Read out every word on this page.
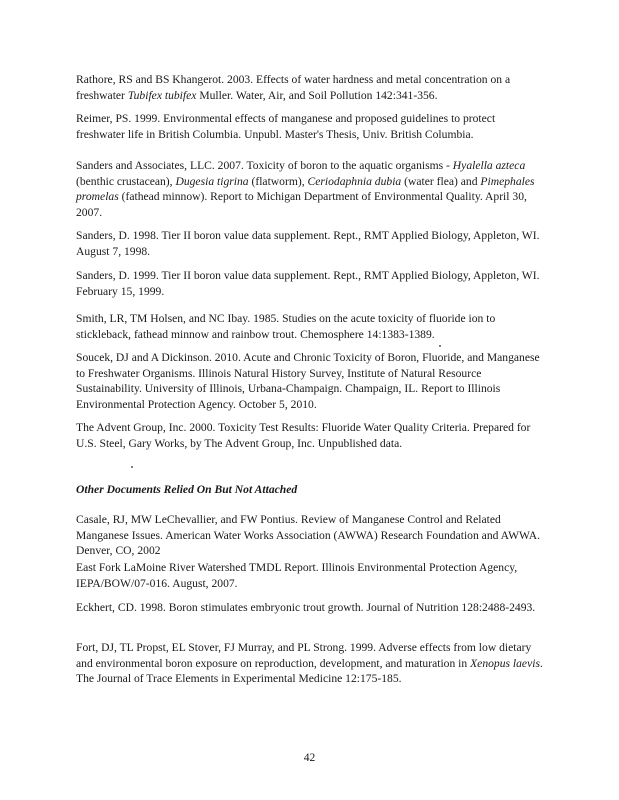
Rathore, RS and BS Khangerot. 2003. Effects of water hardness and metal concentration on a freshwater Tubifex tubifex Muller. Water, Air, and Soil Pollution 142:341-356.

Reimer, PS. 1999. Environmental effects of manganese and proposed guidelines to protect freshwater life in British Columbia. Unpubl. Master's Thesis, Univ. British Columbia.

Sanders and Associates, LLC. 2007. Toxicity of boron to the aquatic organisms - Hyalella azteca (benthic crustacean), Dugesia tigrina (flatworm), Ceriodaphnia dubia (water flea) and Pimephales promelas (fathead minnow). Report to Michigan Department of Environmental Quality. April 30, 2007.

Sanders, D. 1998. Tier II boron value data supplement. Rept., RMT Applied Biology, Appleton, WI. August 7, 1998.

Sanders, D. 1999. Tier II boron value data supplement. Rept., RMT Applied Biology, Appleton, WI. February 15, 1999.

Smith, LR, TM Holsen, and NC Ibay. 1985. Studies on the acute toxicity of fluoride ion to stickleback, fathead minnow and rainbow trout. Chemosphere 14:1383-1389.

Soucek, DJ and A Dickinson. 2010. Acute and Chronic Toxicity of Boron, Fluoride, and Manganese to Freshwater Organisms. Illinois Natural History Survey, Institute of Natural Resource Sustainability. University of Illinois, Urbana-Champaign. Champaign, IL. Report to Illinois Environmental Protection Agency. October 5, 2010.

The Advent Group, Inc. 2000. Toxicity Test Results: Fluoride Water Quality Criteria. Prepared for U.S. Steel, Gary Works, by The Advent Group, Inc. Unpublished data.

Other Documents Relied On But Not Attached

Casale, RJ, MW LeChevallier, and FW Pontius. Review of Manganese Control and Related Manganese Issues. American Water Works Association (AWWA) Research Foundation and AWWA. Denver, CO, 2002

East Fork LaMoine River Watershed TMDL Report. Illinois Environmental Protection Agency, IEPA/BOW/07-016. August, 2007.

Eckhert, CD. 1998. Boron stimulates embryonic trout growth. Journal of Nutrition 128:2488-2493.

Fort, DJ, TL Propst, EL Stover, FJ Murray, and PL Strong. 1999. Adverse effects from low dietary and environmental boron exposure on reproduction, development, and maturation in Xenopus laevis. The Journal of Trace Elements in Experimental Medicine 12:175-185.

42
